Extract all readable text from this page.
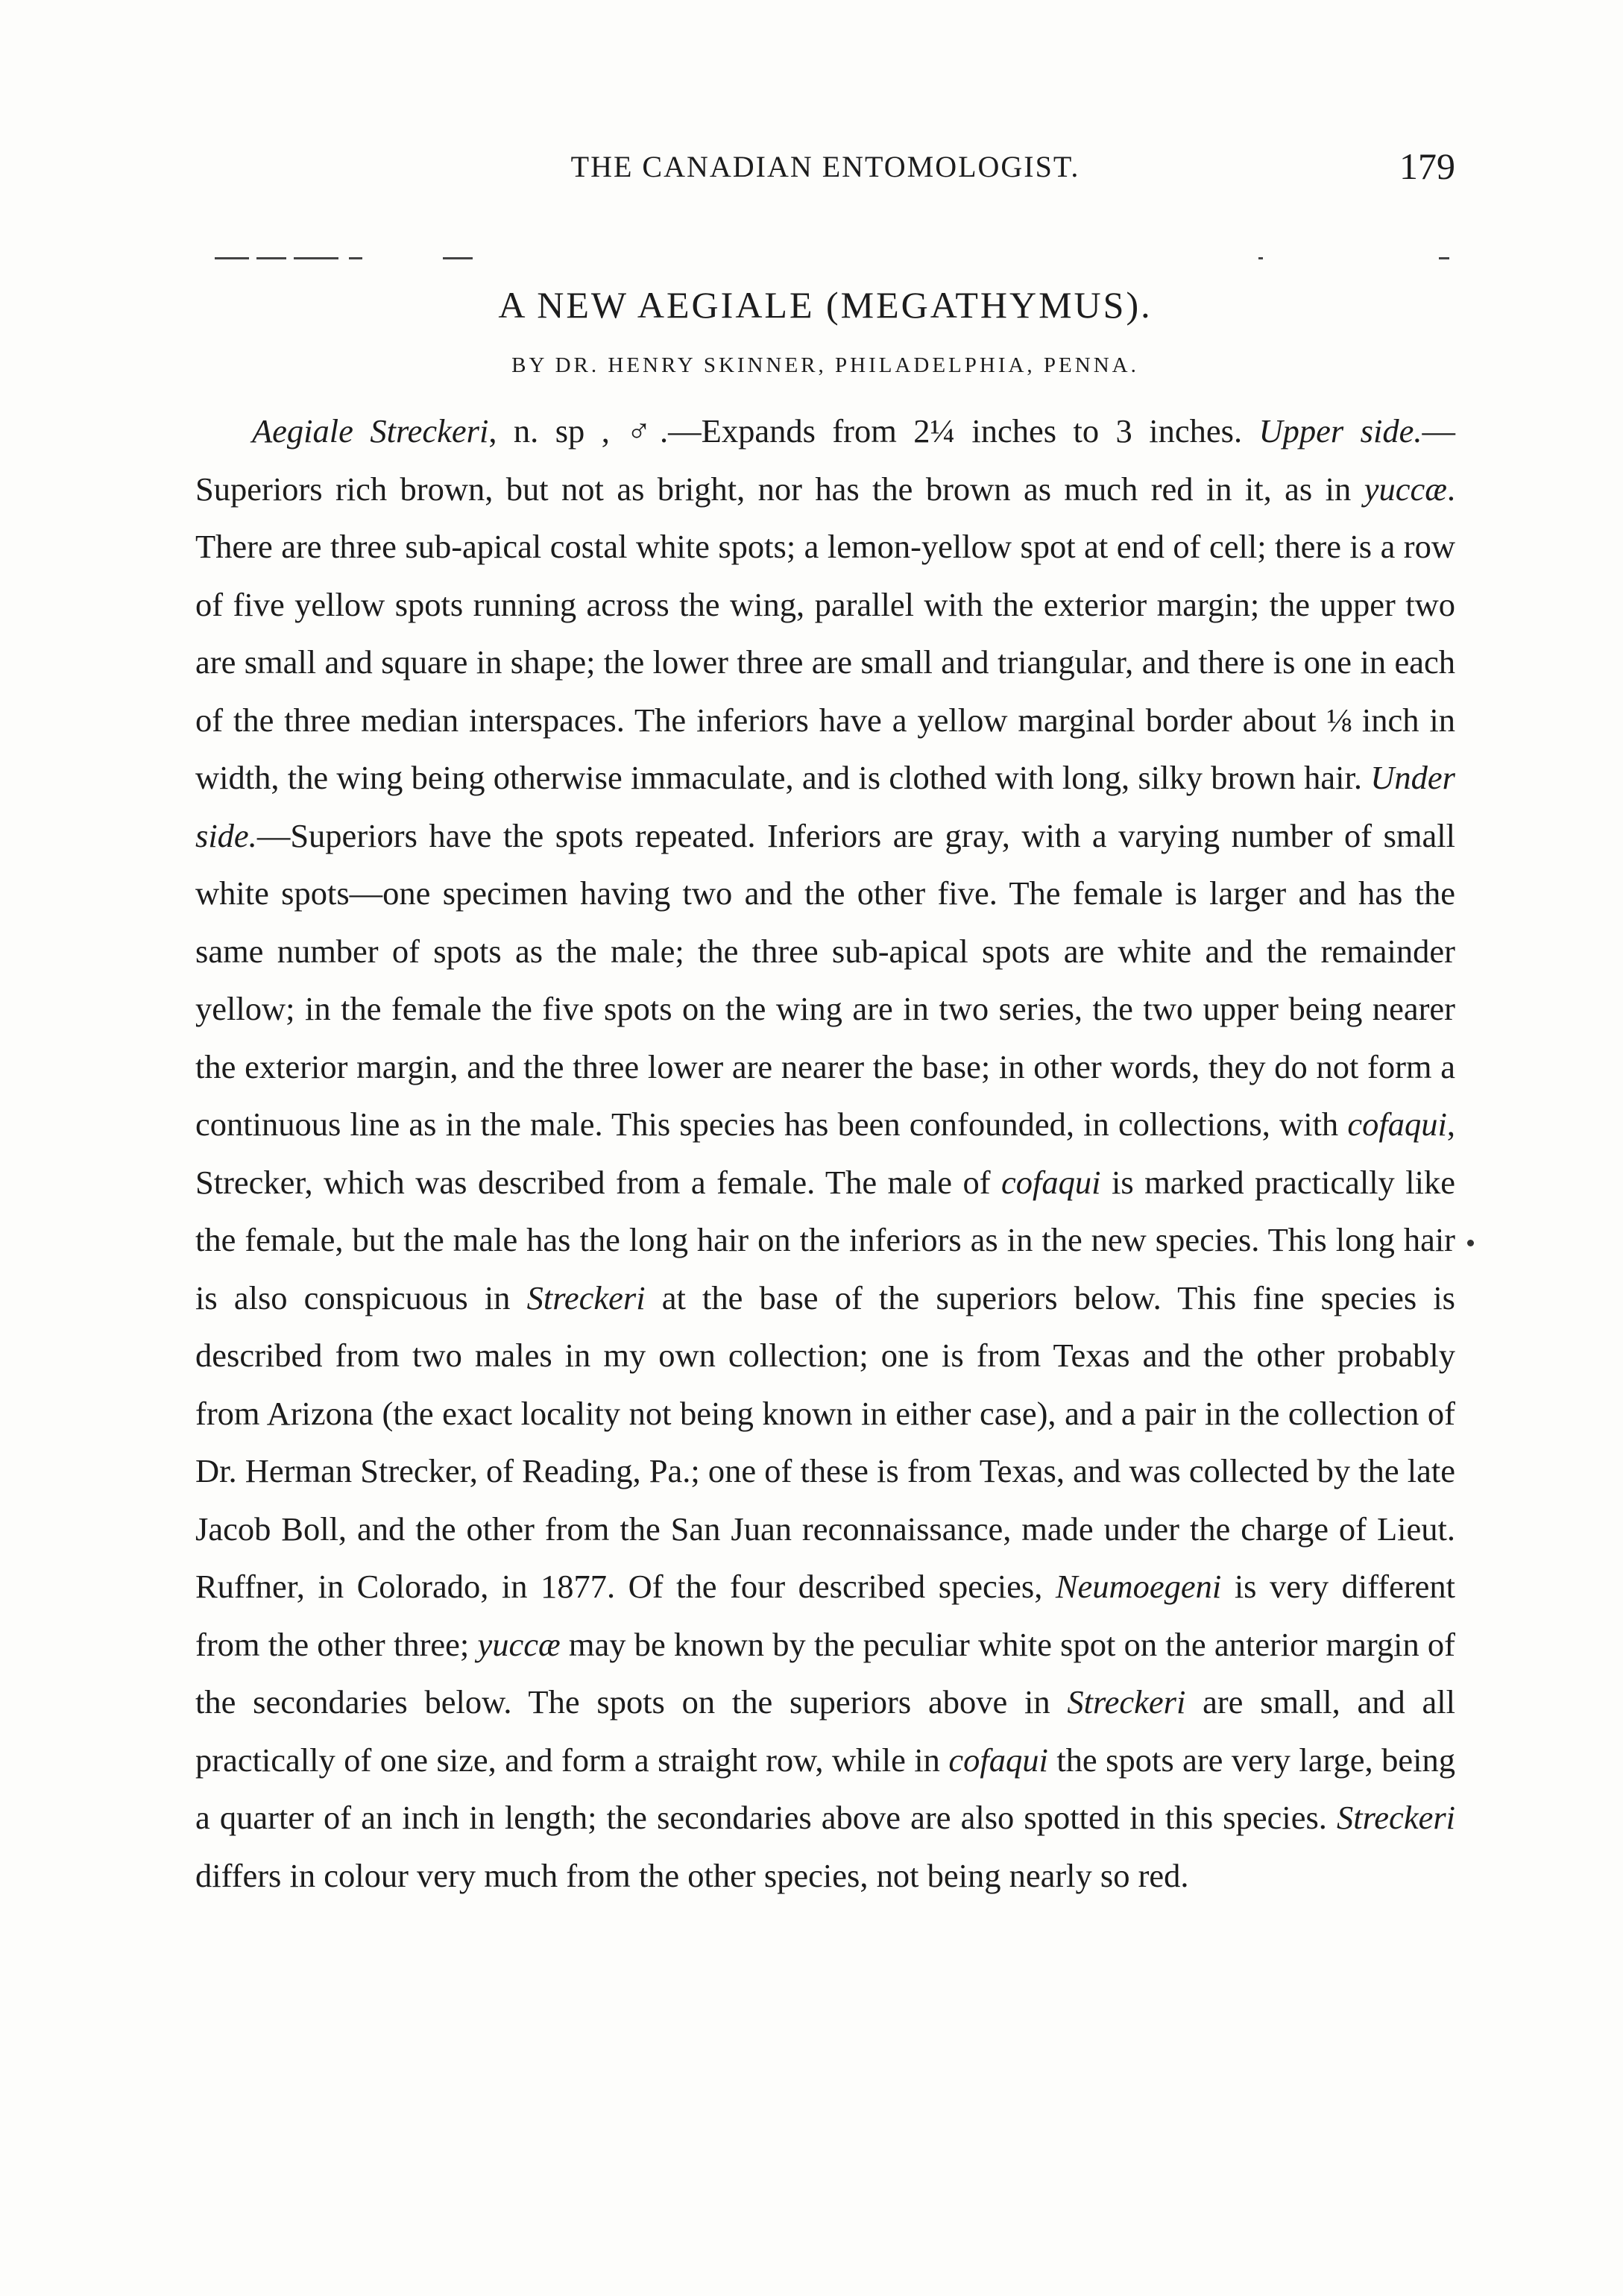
THE CANADIAN ENTOMOLOGIST.	179
A NEW AEGIALE (MEGATHYMUS).
BY DR. HENRY SKINNER, PHILADELPHIA, PENNA.

Aegiale Streckeri, n. sp , ♂.—Expands from 2¼ inches to 3 inches. Upper side.—Superiors rich brown, but not as bright, nor has the brown as much red in it, as in yuccæ. There are three sub-apical costal white spots; a lemon-yellow spot at end of cell; there is a row of five yellow spots running across the wing, parallel with the exterior margin; the upper two are small and square in shape; the lower three are small and triangular, and there is one in each of the three median interspaces. The inferiors have a yellow marginal border about ⅛ inch in width, the wing being otherwise immaculate, and is clothed with long, silky brown hair. Under side.—Superiors have the spots repeated. Inferiors are gray, with a varying number of small white spots—one specimen having two and the other five. The female is larger and has the same number of spots as the male; the three sub-apical spots are white and the remainder yellow; in the female the five spots on the wing are in two series, the two upper being nearer the exterior margin, and the three lower are nearer the base; in other words, they do not form a continuous line as in the male. This species has been confounded, in collections, with cofaqui, Strecker, which was described from a female. The male of cofaqui is marked practically like the female, but the male has the long hair on the inferiors as in the new species. This long hair is also conspicuous in Streckeri at the base of the superiors below. This fine species is described from two males in my own collection; one is from Texas and the other probably from Arizona (the exact locality not being known in either case), and a pair in the collection of Dr. Herman Strecker, of Reading, Pa.; one of these is from Texas, and was collected by the late Jacob Boll, and the other from the San Juan reconnaissance, made under the charge of Lieut. Ruffner, in Colorado, in 1877. Of the four described species, Neumoegeni is very different from the other three; yuccæ may be known by the peculiar white spot on the anterior margin of the secondaries below. The spots on the superiors above in Streckeri are small, and all practically of one size, and form a straight row, while in cofaqui the spots are very large, being a quarter of an inch in length; the secondaries above are also spotted in this species. Streckeri differs in colour very much from the other species, not being nearly so red.
